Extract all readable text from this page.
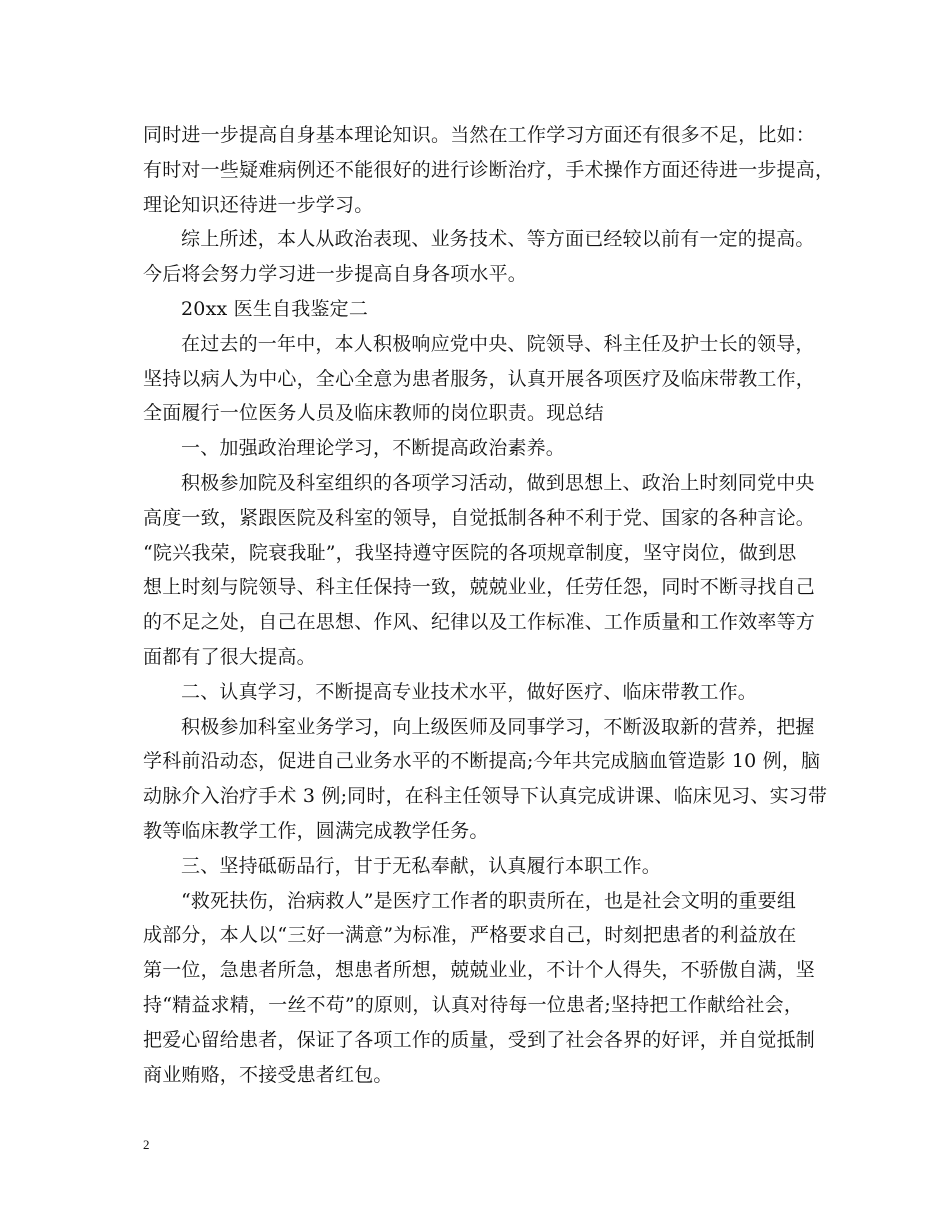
同时进一步提高自身基本理论知识。当然在工作学习方面还有很多不足，比如：
有时对一些疑难病例还不能很好的进行诊断治疗，手术操作方面还待进一步提高，
理论知识还待进一步学习。
综上所述，本人从政治表现、业务技术、等方面已经较以前有一定的提高。
今后将会努力学习进一步提高自身各项水平。
20xx 医生自我鉴定二
在过去的一年中，本人积极响应党中央、院领导、科主任及护士长的领导，
坚持以病人为中心，全心全意为患者服务，认真开展各项医疗及临床带教工作，
全面履行一位医务人员及临床教师的岗位职责。现总结
一、加强政治理论学习，不断提高政治素养。
积极参加院及科室组织的各项学习活动，做到思想上、政治上时刻同党中央
高度一致，紧跟医院及科室的领导，自觉抵制各种不利于党、国家的各种言论。
“院兴我荣，院衰我耻”，我坚持遵守医院的各项规章制度，坚守岗位，做到思
想上时刻与院领导、科主任保持一致，兢兢业业，任劳任怨，同时不断寻找自己
的不足之处，自己在思想、作风、纪律以及工作标准、工作质量和工作效率等方
面都有了很大提高。
二、认真学习，不断提高专业技术水平，做好医疗、临床带教工作。
积极参加科室业务学习，向上级医师及同事学习，不断汲取新的营养，把握
学科前沿动态，促进自己业务水平的不断提高;今年共完成脑血管造影 10 例，脑
动脉介入治疗手术 3 例;同时，在科主任领导下认真完成讲课、临床见习、实习带
教等临床教学工作，圆满完成教学任务。
三、坚持砥砺品行，甘于无私奉献，认真履行本职工作。
“救死扶伤，治病救人”是医疗工作者的职责所在，也是社会文明的重要组
成部分，本人以“三好一满意”为标准，严格要求自己，时刻把患者的利益放在
第一位，急患者所急，想患者所想，兢兢业业，不计个人得失，不骄傲自满，坚
持“精益求精，一丝不苟”的原则，认真对待每一位患者;坚持把工作献给社会，
把爱心留给患者，保证了各项工作的质量，受到了社会各界的好评，并自觉抵制
商业贿赂，不接受患者红包。
2
